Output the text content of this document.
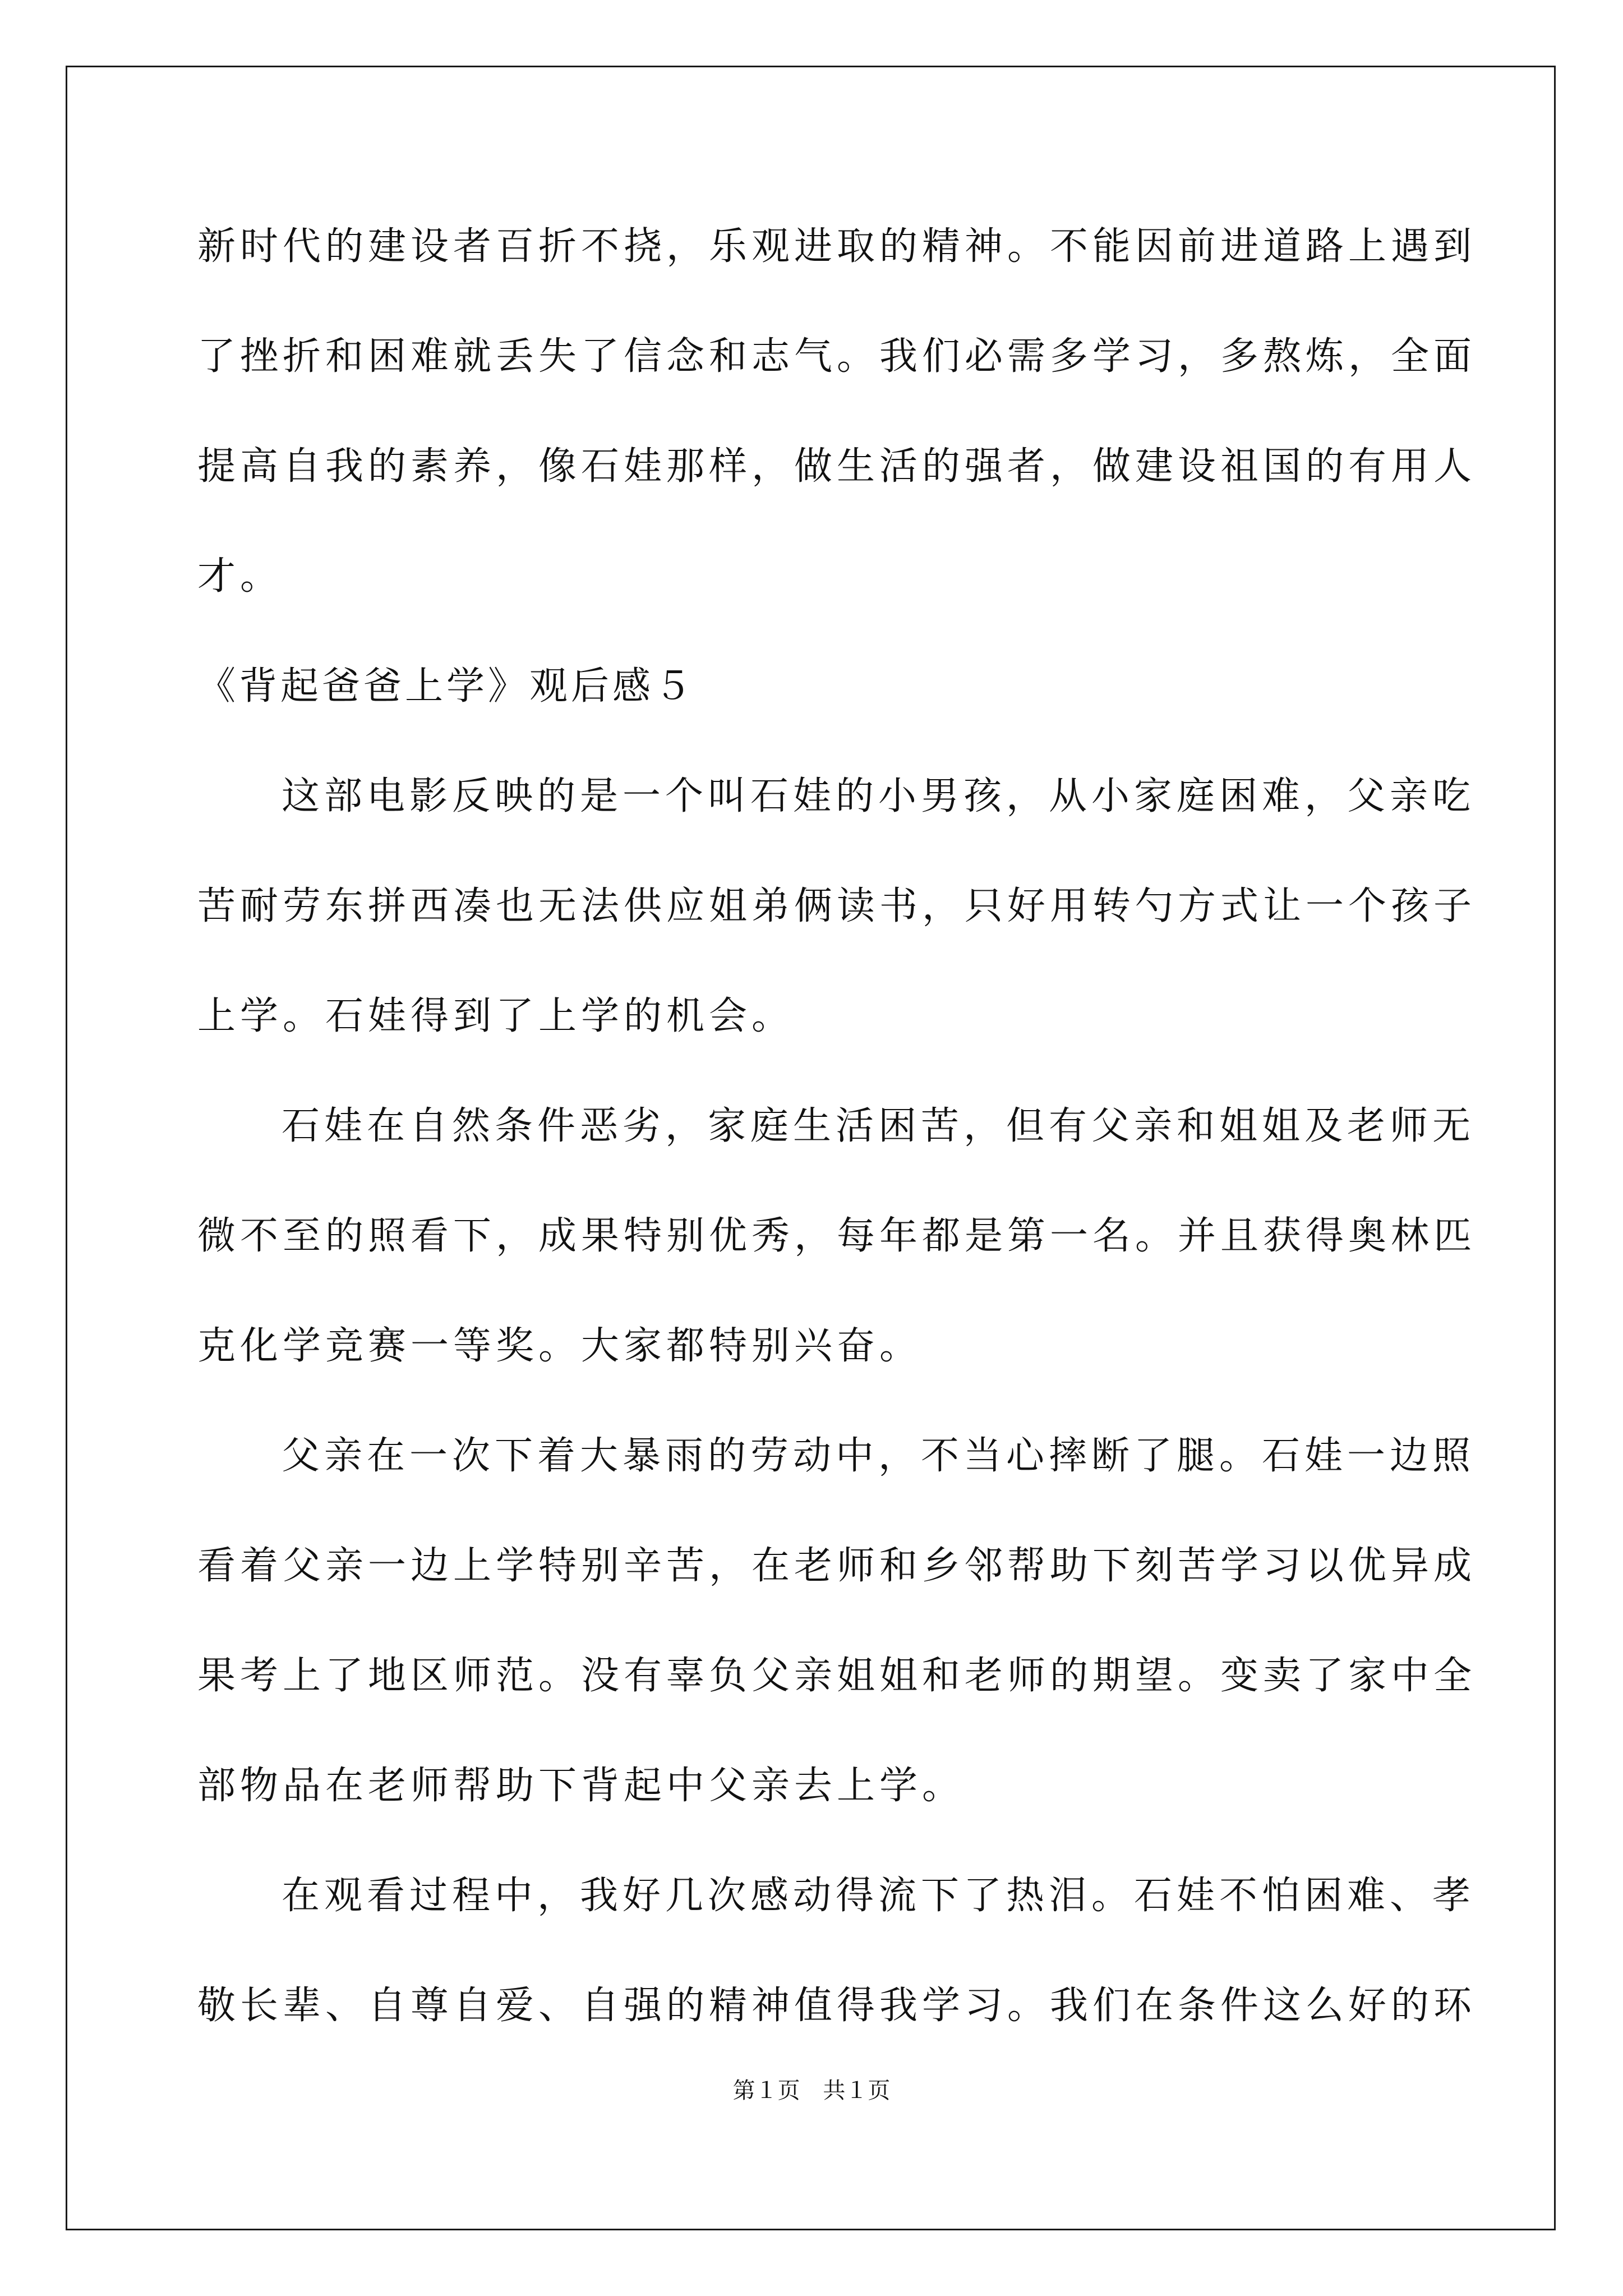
新时代的建设者百折不挠，乐观进取的精神。不能因前进道路上遇到
了挫折和困难就丢失了信念和志气。我们必需多学习，多熬炼，全面
提高自我的素养，像石娃那样，做生活的强者，做建设祖国的有用人
才。
《背起爸爸上学》观后感５
这部电影反映的是一个叫石娃的小男孩，从小家庭困难，父亲吃
苦耐劳东拼西凑也无法供应姐弟俩读书，只好用转勺方式让一个孩子
上学。石娃得到了上学的机会。
石娃在自然条件恶劣，家庭生活困苦，但有父亲和姐姐及老师无
微不至的照看下，成果特别优秀，每年都是第一名。并且获得奥林匹
克化学竞赛一等奖。大家都特别兴奋。
父亲在一次下着大暴雨的劳动中，不当心摔断了腿。石娃一边照
看着父亲一边上学特别辛苦，在老师和乡邻帮助下刻苦学习以优异成
果考上了地区师范。没有辜负父亲姐姐和老师的期望。变卖了家中全
部物品在老师帮助下背起中父亲去上学。
在观看过程中，我好几次感动得流下了热泪。石娃不怕困难、孝
敬长辈、自尊自爱、自强的精神值得我学习。我们在条件这么好的环
第１页 共１页
